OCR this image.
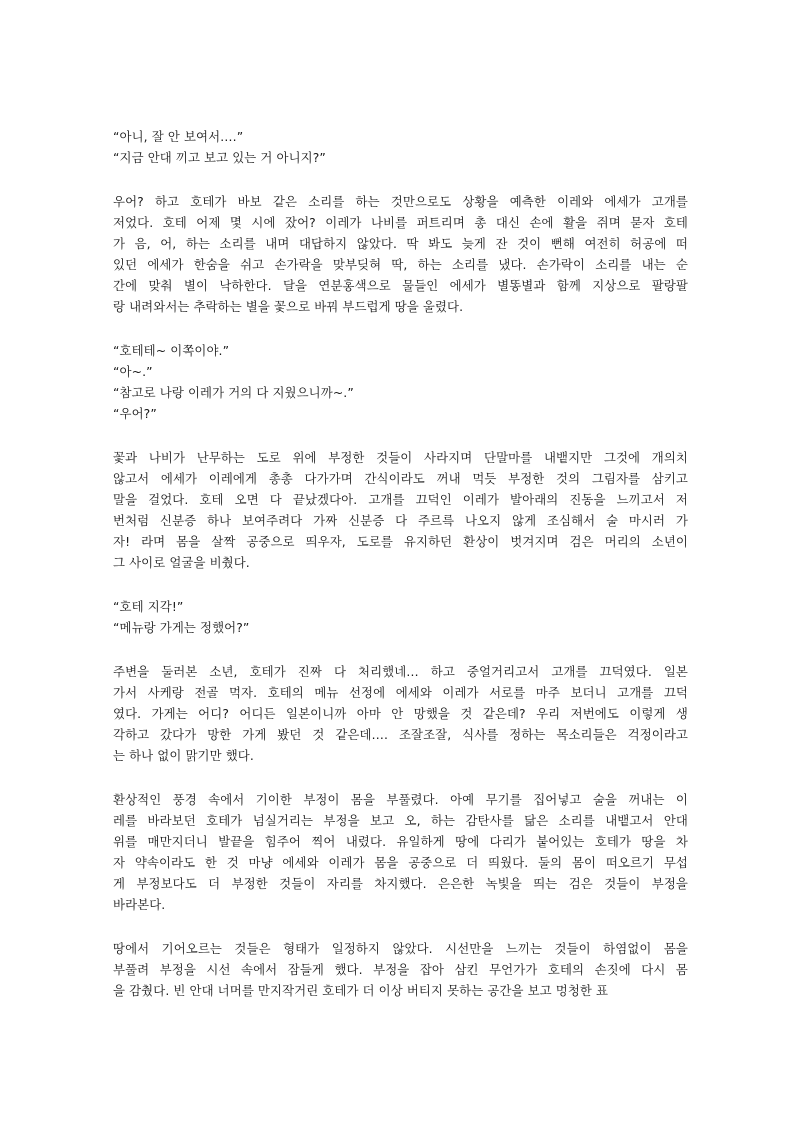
“아니, 잘 안 보여서….”
“지금 안대 끼고 보고 있는 거 아니지?”
우어? 하고 호테가 바보 같은 소리를 하는 것만으로도 상황을 예측한 이레와 에세가 고개를
저었다. 호테 어제 몇 시에 잤어? 이레가 나비를 퍼트리며 총 대신 손에 활을 쥐며 묻자 호테
가 음, 어, 하는 소리를 내며 대답하지 않았다. 딱 봐도 늦게 잔 것이 뻔해 여전히 허공에 떠
있던 에세가 한숨을 쉬고 손가락을 맞부딪혀 딱, 하는 소리를 냈다. 손가락이 소리를 내는 순
간에 맞춰 별이 낙하한다. 달을 연분홍색으로 물들인 에세가 별똥별과 함께 지상으로 팔랑팔
랑 내려와서는 추락하는 별을 꽃으로 바꿔 부드럽게 땅을 울렸다.
“호테테~ 이쪽이야.”
“아~.”
“참고로 나랑 이레가 거의 다 지웠으니까~.”
“우어?”
꽃과 나비가 난무하는 도로 위에 부정한 것들이 사라지며 단말마를 내뱉지만 그것에 개의치
않고서 에세가 이레에게 총총 다가가며 간식이라도 꺼내 먹듯 부정한 것의 그림자를 삼키고
말을 걸었다. 호테 오면 다 끝났겠다아. 고개를 끄덕인 이레가 발아래의 진동을 느끼고서 저
번처럼 신분증 하나 보여주려다 가짜 신분증 다 주르륵 나오지 않게 조심해서 술 마시러 가
자! 라며 몸을 살짝 공중으로 띄우자, 도로를 유지하던 환상이 벗겨지며 검은 머리의 소년이
그 사이로 얼굴을 비췄다.
“호테 지각!”
“메뉴랑 가게는 정했어?”
주변을 둘러본 소년, 호테가 진짜 다 처리했네… 하고 중얼거리고서 고개를 끄덕였다. 일본
가서 사케랑 전골 먹자. 호테의 메뉴 선정에 에세와 이레가 서로를 마주 보더니 고개를 끄덕
였다. 가게는 어디? 어디든 일본이니까 아마 안 망했을 것 같은데? 우리 저번에도 이렇게 생
각하고 갔다가 망한 가게 봤던 것 같은데…. 조잘조잘, 식사를 정하는 목소리들은 걱정이라고
는 하나 없이 맑기만 했다.
환상적인 풍경 속에서 기이한 부정이 몸을 부풀렸다. 아예 무기를 집어넣고 술을 꺼내는 이
레를 바라보던 호테가 넘실거리는 부정을 보고 오, 하는 감탄사를 닮은 소리를 내뱉고서 안대
위를 매만지더니 발끝을 힘주어 찍어 내렸다. 유일하게 땅에 다리가 붙어있는 호테가 땅을 차
자 약속이라도 한 것 마냥 에세와 이레가 몸을 공중으로 더 띄웠다. 둘의 몸이 떠오르기 무섭
게 부정보다도 더 부정한 것들이 자리를 차지했다. 은은한 녹빛을 띄는 검은 것들이 부정을
바라본다.
땅에서 기어오르는 것들은 형태가 일정하지 않았다. 시선만을 느끼는 것들이 하염없이 몸을
부풀려 부정을 시선 속에서 잠들게 했다. 부정을 잡아 삼킨 무언가가 호테의 손짓에 다시 몸
을 감췄다. 빈 안대 너머를 만지작거린 호테가 더 이상 버티지 못하는 공간을 보고 멍청한 표
